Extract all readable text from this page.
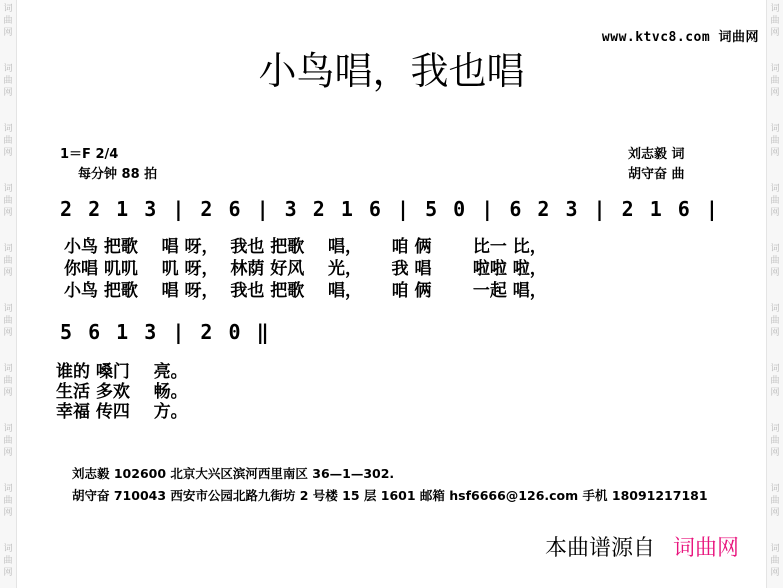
词
曲
网
词
曲
网
词
曲
网
词
曲
网
词
曲
网
词
曲
网
词
曲
网
词
曲
网
词
曲
网
词
曲
网
词
曲
网
词
曲
网
词
曲
网
词
曲
网
词
曲
网
词
曲
网
词
曲
网
词
曲
网
词
曲
网
词
曲
网
www.ktvc8.com 词曲网
小鸟唱，我也唱
1＝F 2/4
每分钟 88 拍
刘志毅 词
胡守奋 曲
2 2 1 3 | 2 6 | 3 2 1 6 | 5 0 | 6 2 3 | 2 1 6 |
小鸟 把歌    唱 呀，  我也 把歌    唱，     咱 俩       比一 比，
你唱 叽叽    叽 呀，  林荫 好风    光，     我 唱       啦啦 啦，
小鸟 把歌    唱 呀，  我也 把歌    唱，     咱 俩       一起 唱，
5 6 1 3 | 2 0 ‖
谁的 嗓门    亮。
生活 多欢    畅。
幸福 传四    方。
刘志毅 102600 北京大兴区滨河西里南区 36—1—302.
胡守奋 710043 西安市公园北路九街坊 2 号楼 15 层 1601 邮箱 hsf6666@126.com 手机 18091217181
本曲谱源自 词曲网
